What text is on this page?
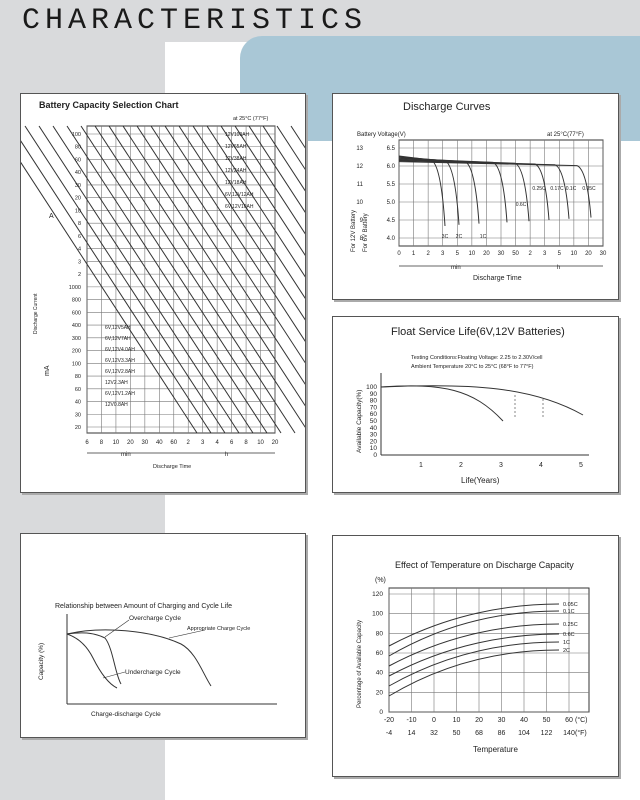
CHARACTERISTICS
Battery Capacity Selection Chart
at 25°C (77°F)
Discharge Current
A
mA
100
80
60
40
30
20
10
8
6
4
3
2
1000
800
600
400
300
200
100
80
60
40
30
20
6 8 10 20 30 40 60 2 3 4 6 8 10 20
12V100AH
12V65AH
12V38AH
12V24AH
12V18AH
6V,12V12AH
6V,12V10AH
6V,12V5AH
6V,12V7AH
6V,12V4.0AH
6V,12V3.3AH
6V,12V2.8AH
12V2.3AH
6V,12V1.2AH
12V0.8AH
min	h
Discharge Time
Discharge Curves
Battery Voltage(V)	at 25°C(77°F)
3C 2C	1C
0.6C
0.25C 0.17C 0.1C 0.05C
13	6.5
12	6.0
11	5.5
10	5.0
9	4.5
8	4.0
0 1 2 3 5 10 20 30 50 2 3 5 10 20 30
For 12V Battery For 6V Battery
min	h
Discharge Time
Float Service Life(6V,12V Batteries)
Testing Conditions:Floating Voltage: 2.25 to 2.30V/cell
Ambient Temperature 20°C to 25°C (68°F to 77°F)
100
90
80
70
60
50
40
30
20
10
0
1	2	3	4	5
Available Capacity(%)
Life(Years)
Relationship between Amount of Charging and Cycle Life
Overcharge Cycle
Appropriate Charge Cycle
Undercharge Cycle
Capacity (%)
Charge-discharge Cycle
Effect of Temperature on Discharge Capacity
(%)
0.05C
0.1C
0.25C
0.6C
1C
2C
120
100
80
60
40
20
0
-20
-4
-10
14
0
32
10
50
20
68
30
86
40
104
50
122
60
140
Percentage of Available Capacity
(°C)
(°F)
Temperature
